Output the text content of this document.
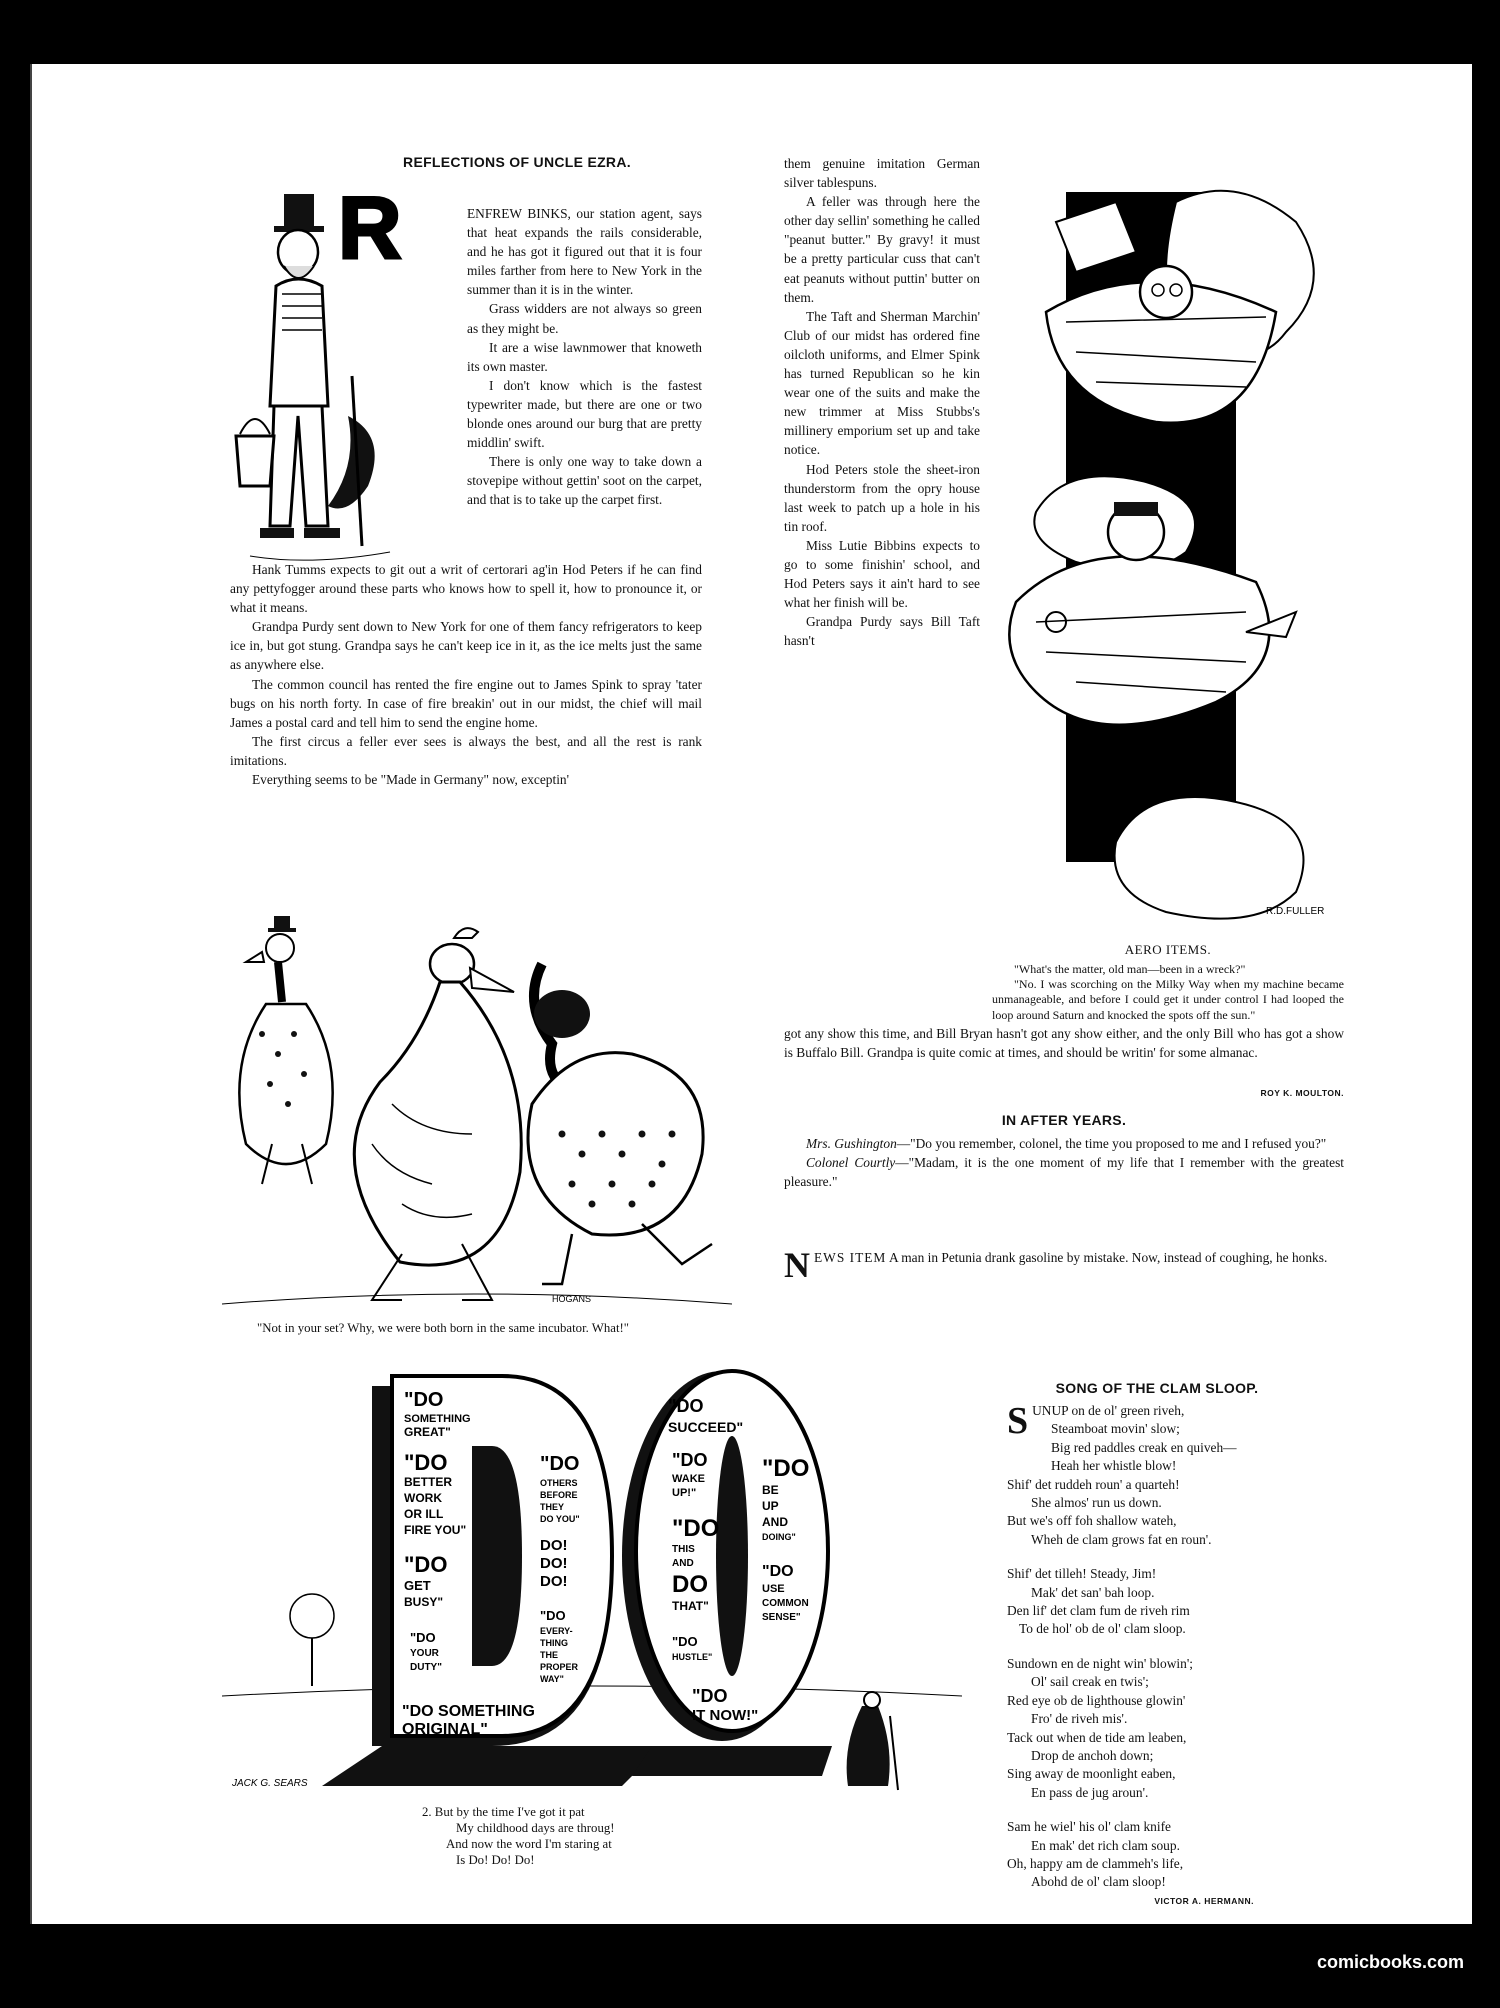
REFLECTIONS OF UNCLE EZRA.
R	ENFREW BINKS, our station agent, says that heat expands the rails considerable, and he has got it figured out that it is four miles farther from here to New York in the summer than it is in the winter.

Grass widders are not always so green as they might be.

It are a wise lawnmower that knoweth its own master.

I don't know which is the fastest typewriter made, but there are one or two blonde ones around our burg that are pretty middlin' swift.

There is only one way to take down a stovepipe without gettin' soot on the carpet, and that is to take up the carpet first.

Hank Tumms expects to git out a writ of certorari ag'in Hod Peters if he can find any pettyfogger around these parts who knows how to spell it, how to pronounce it, or what it means.

Grandpa Purdy sent down to New York for one of them fancy refrigerators to keep ice in, but got stung. Grandpa says he can't keep ice in it, as the ice melts just the same as anywhere else.

The common council has rented the fire engine out to James Spink to spray 'tater bugs on his north forty. In case of fire breakin' out in our midst, the chief will mail James a postal card and tell him to send the engine home.

The first circus a feller ever sees is always the best, and all the rest is rank imitations.

Everything seems to be "Made in Germany" now, exceptin'

them genuine imitation German silver tablespuns.

A feller was through here the other day sellin' something he called "peanut butter." By gravy! it must be a pretty particular cuss that can't eat peanuts without puttin' butter on them.

The Taft and Sherman Marchin' Club of our midst has ordered fine oilcloth uniforms, and Elmer Spink has turned Republican so he kin wear one of the suits and make the new trimmer at Miss Stubbs's millinery emporium set up and take notice.

Hod Peters stole the sheet-iron thunderstorm from the opry house last week to patch up a hole in his tin roof.

Miss Lutie Bibbins expects to go to some finishin' school, and Hod Peters says it ain't hard to see what her finish will be.

Grandpa Purdy says Bill Taft hasn't

got any show this time, and Bill Bryan hasn't got any show either, and the only Bill who has got a show is Buffalo Bill. Grandpa is quite comic at times, and should be writin' for some almanac.

ROY K. MOULTON.
R.D.FULLER
AERO ITEMS.

"What's the matter, old man—been in a wreck?"

"No. I was scorching on the Milky Way when my machine became unmanageable, and before I could get it under control I had looped the loop around Saturn and knocked the spots off the sun."

HOGANS
"Not in your set? Why, we were both born in the same incubator. What!"
IN AFTER YEARS.

Mrs. Gushington—"Do you remember, colonel, the time you proposed to me and I refused you?"

Colonel Courtly—"Madam, it is the one moment of my life that I remember with the greatest pleasure."

N EWS ITEM A man in Petunia drank gasoline by mistake. Now, instead of coughing, he honks.
"DO
SOMETHING
GREAT"
"DO
BETTER
WORK
OR ILL
FIRE YOU"
"DO
GET
BUSY"
"DO
YOUR
DUTY"
"DO SOMETHING
ORIGINAL"
"DO
OTHERS
BEFORE
THEY
DO YOU"
DO!
DO!
DO!
"DO
EVERY-
THING
THE
PROPER
WAY"
"DO
SUCCEED"
"DO
WAKE
UP!"
"DO
THIS
AND
DO
THAT"
"DO
HUSTLE"
"DO
IT NOW!"
"DO
BE
UP
AND
DOING"
"DO
USE
COMMON
SENSE"
JACK G. SEARS
2. But by the time I've got it pat
My childhood days are throug!
And now the word I'm staring at
Is Do! Do! Do!
SONG OF THE CLAM SLOOP.
S UNUP on de ol' green riveh,
Steamboat movin' slow;
Big red paddles creak en quiveh—
Heah her whistle blow!
Shif' det ruddeh roun' a quarteh!
She almos' run us down.
But we's off foh shallow wateh,
Wheh de clam grows fat en roun'.
Shif' det tilleh! Steady, Jim!
Mak' det san' bah loop.
Den lif' det clam fum de riveh rim
To de hol' ob de ol' clam sloop.
Sundown en de night win' blowin';
Ol' sail creak en twis';
Red eye ob de lighthouse glowin'
Fro' de riveh mis'.
Tack out when de tide am leaben,
Drop de anchoh down;
Sing away de moonlight eaben,
En pass de jug aroun'.
Sam he wiel' his ol' clam knife
En mak' det rich clam soup.
Oh, happy am de clammeh's life,
Abohd de ol' clam sloop!
VICTOR A. HERMANN.
comicbooks.com
